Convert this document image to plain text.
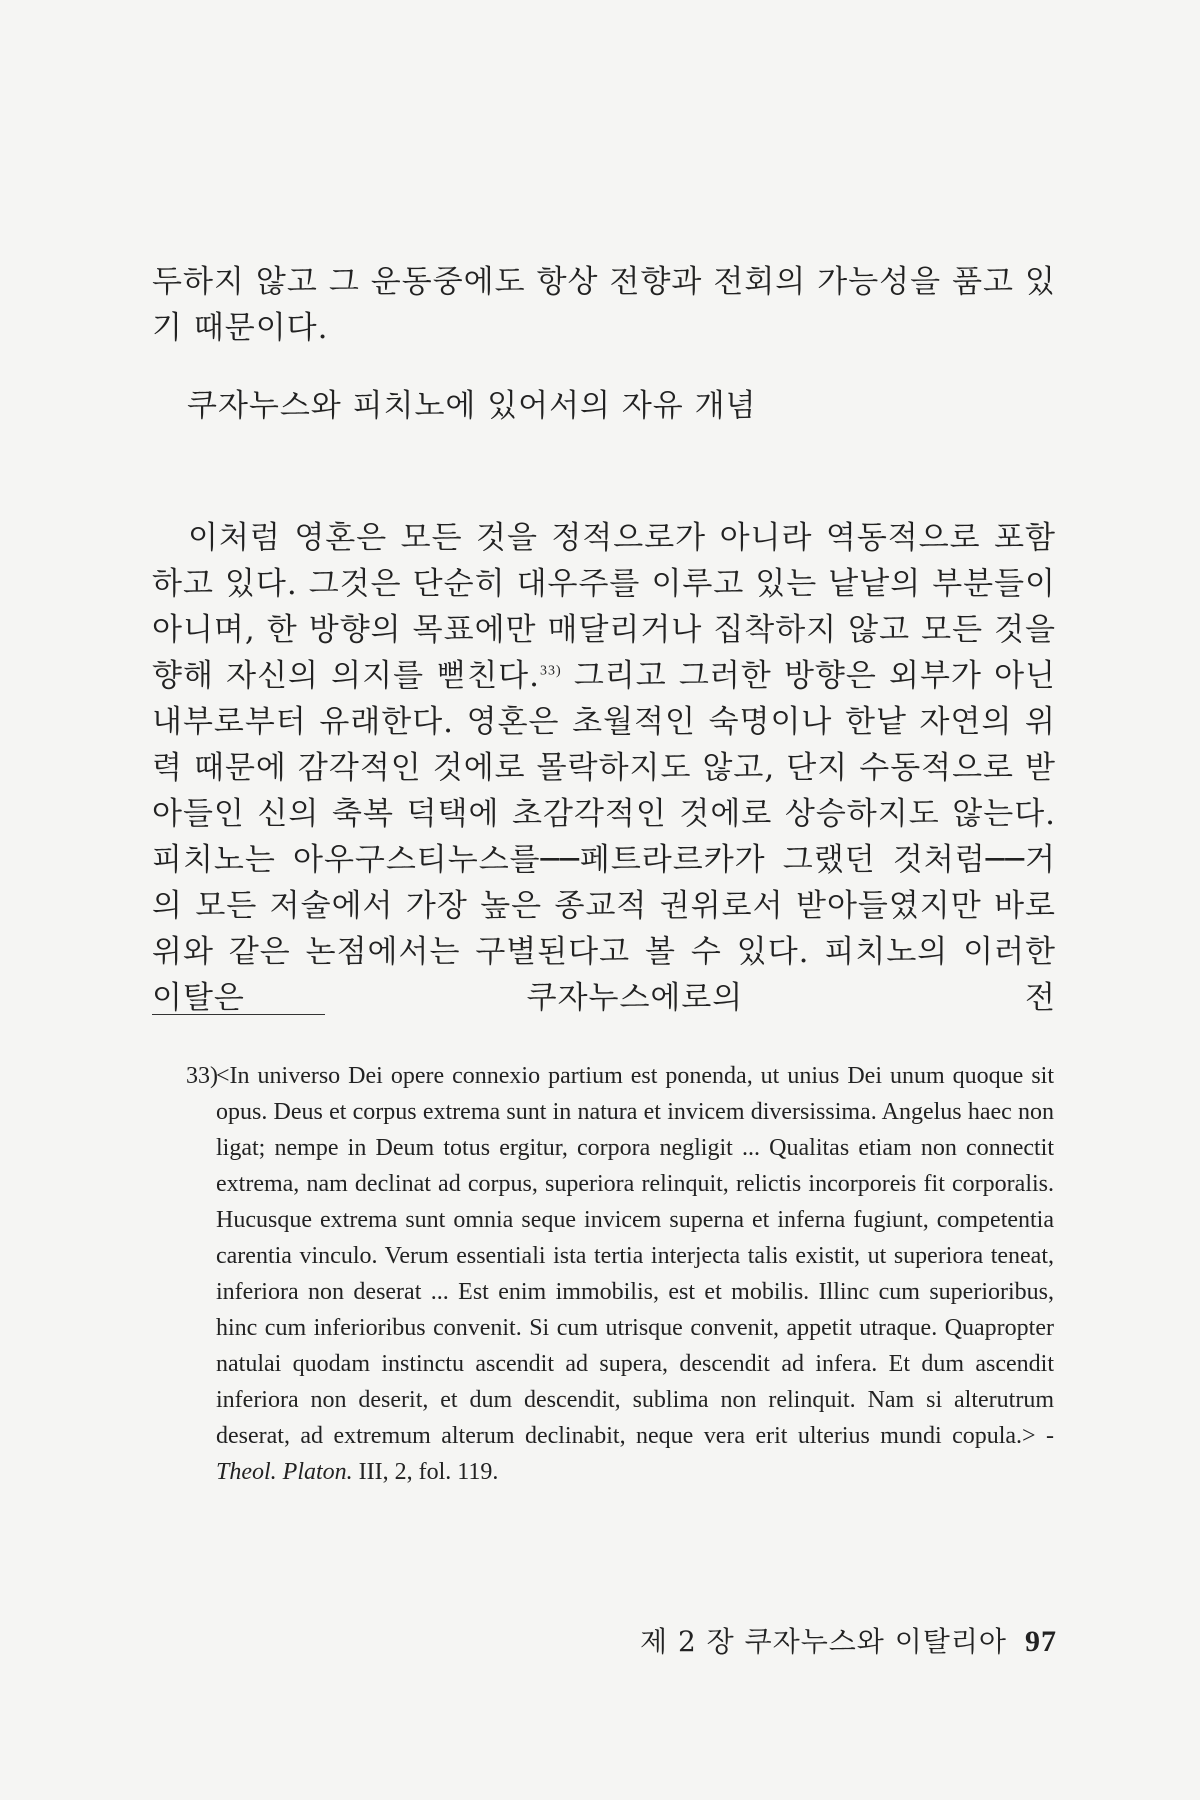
두하지 않고 그 운동중에도 항상 전향과 전회의 가능성을 품고 있기 때문이다.

쿠자누스와 피치노에 있어서의 자유 개념

이처럼 영혼은 모든 것을 정적으로가 아니라 역동적으로 포함하고 있다. 그것은 단순히 대우주를 이루고 있는 낱낱의 부분들이 아니며, 한 방향의 목표에만 매달리거나 집착하지 않고 모든 것을 향해 자신의 의지를 뻗친다.$^{33)}$ 그리고 그러한 방향은 외부가 아닌 내부로부터 유래한다. 영혼은 초월적인 숙명이나 한낱 자연의 위력 때문에 감각적인 것에로 몰락하지도 않고, 단지 수동적으로 받아들인 신의 축복 덕택에 초감각적인 것에로 상승하지도 않는다. 피치노는 아우구스티누스를──페트라르카가 그랬던 것처럼──거의 모든 저술에서 가장 높은 종교적 권위로서 받아들였지만 바로 위와 같은 논점에서는 구별된다고 볼 수 있다. 피치노의 이러한 이탈은 쿠자누스에로의 전

33)<In universo Dei opere connexio partium est ponenda, ut unius Dei unum quoque sit opus. Deus et corpus extrema sunt in natura et invicem diversissima. Angelus haec non ligat; nempe in Deum totus ergitur, corpora negligit ... Qualitas etiam non connectit extrema, nam declinat ad corpus, superiora relinquit, relictis incorporeis fit corporalis. Hucusque extrema sunt omnia seque invicem superna et inferna fugiunt, competentia carentia vinculo. Verum essentiali ista tertia interjecta talis existit, ut superiora teneat, inferiora non deserat ... Est enim immobilis, est et mobilis. Illinc cum superioribus, hinc cum inferioribus convenit. Si cum utrisque convenit, appetit utraque. Quapropter natulai quodam instinctu ascendit ad supera, descendit ad infera. Et dum ascendit inferiora non deserit, et dum descendit, sublima non relinquit. Nam si alterutrum deserat, ad extremum alterum declinabit, neque vera erit ulterius mundi copula.> - Theol. Platon. III, 2, fol. 119.

제 2 장 쿠자누스와 이탈리아 97
